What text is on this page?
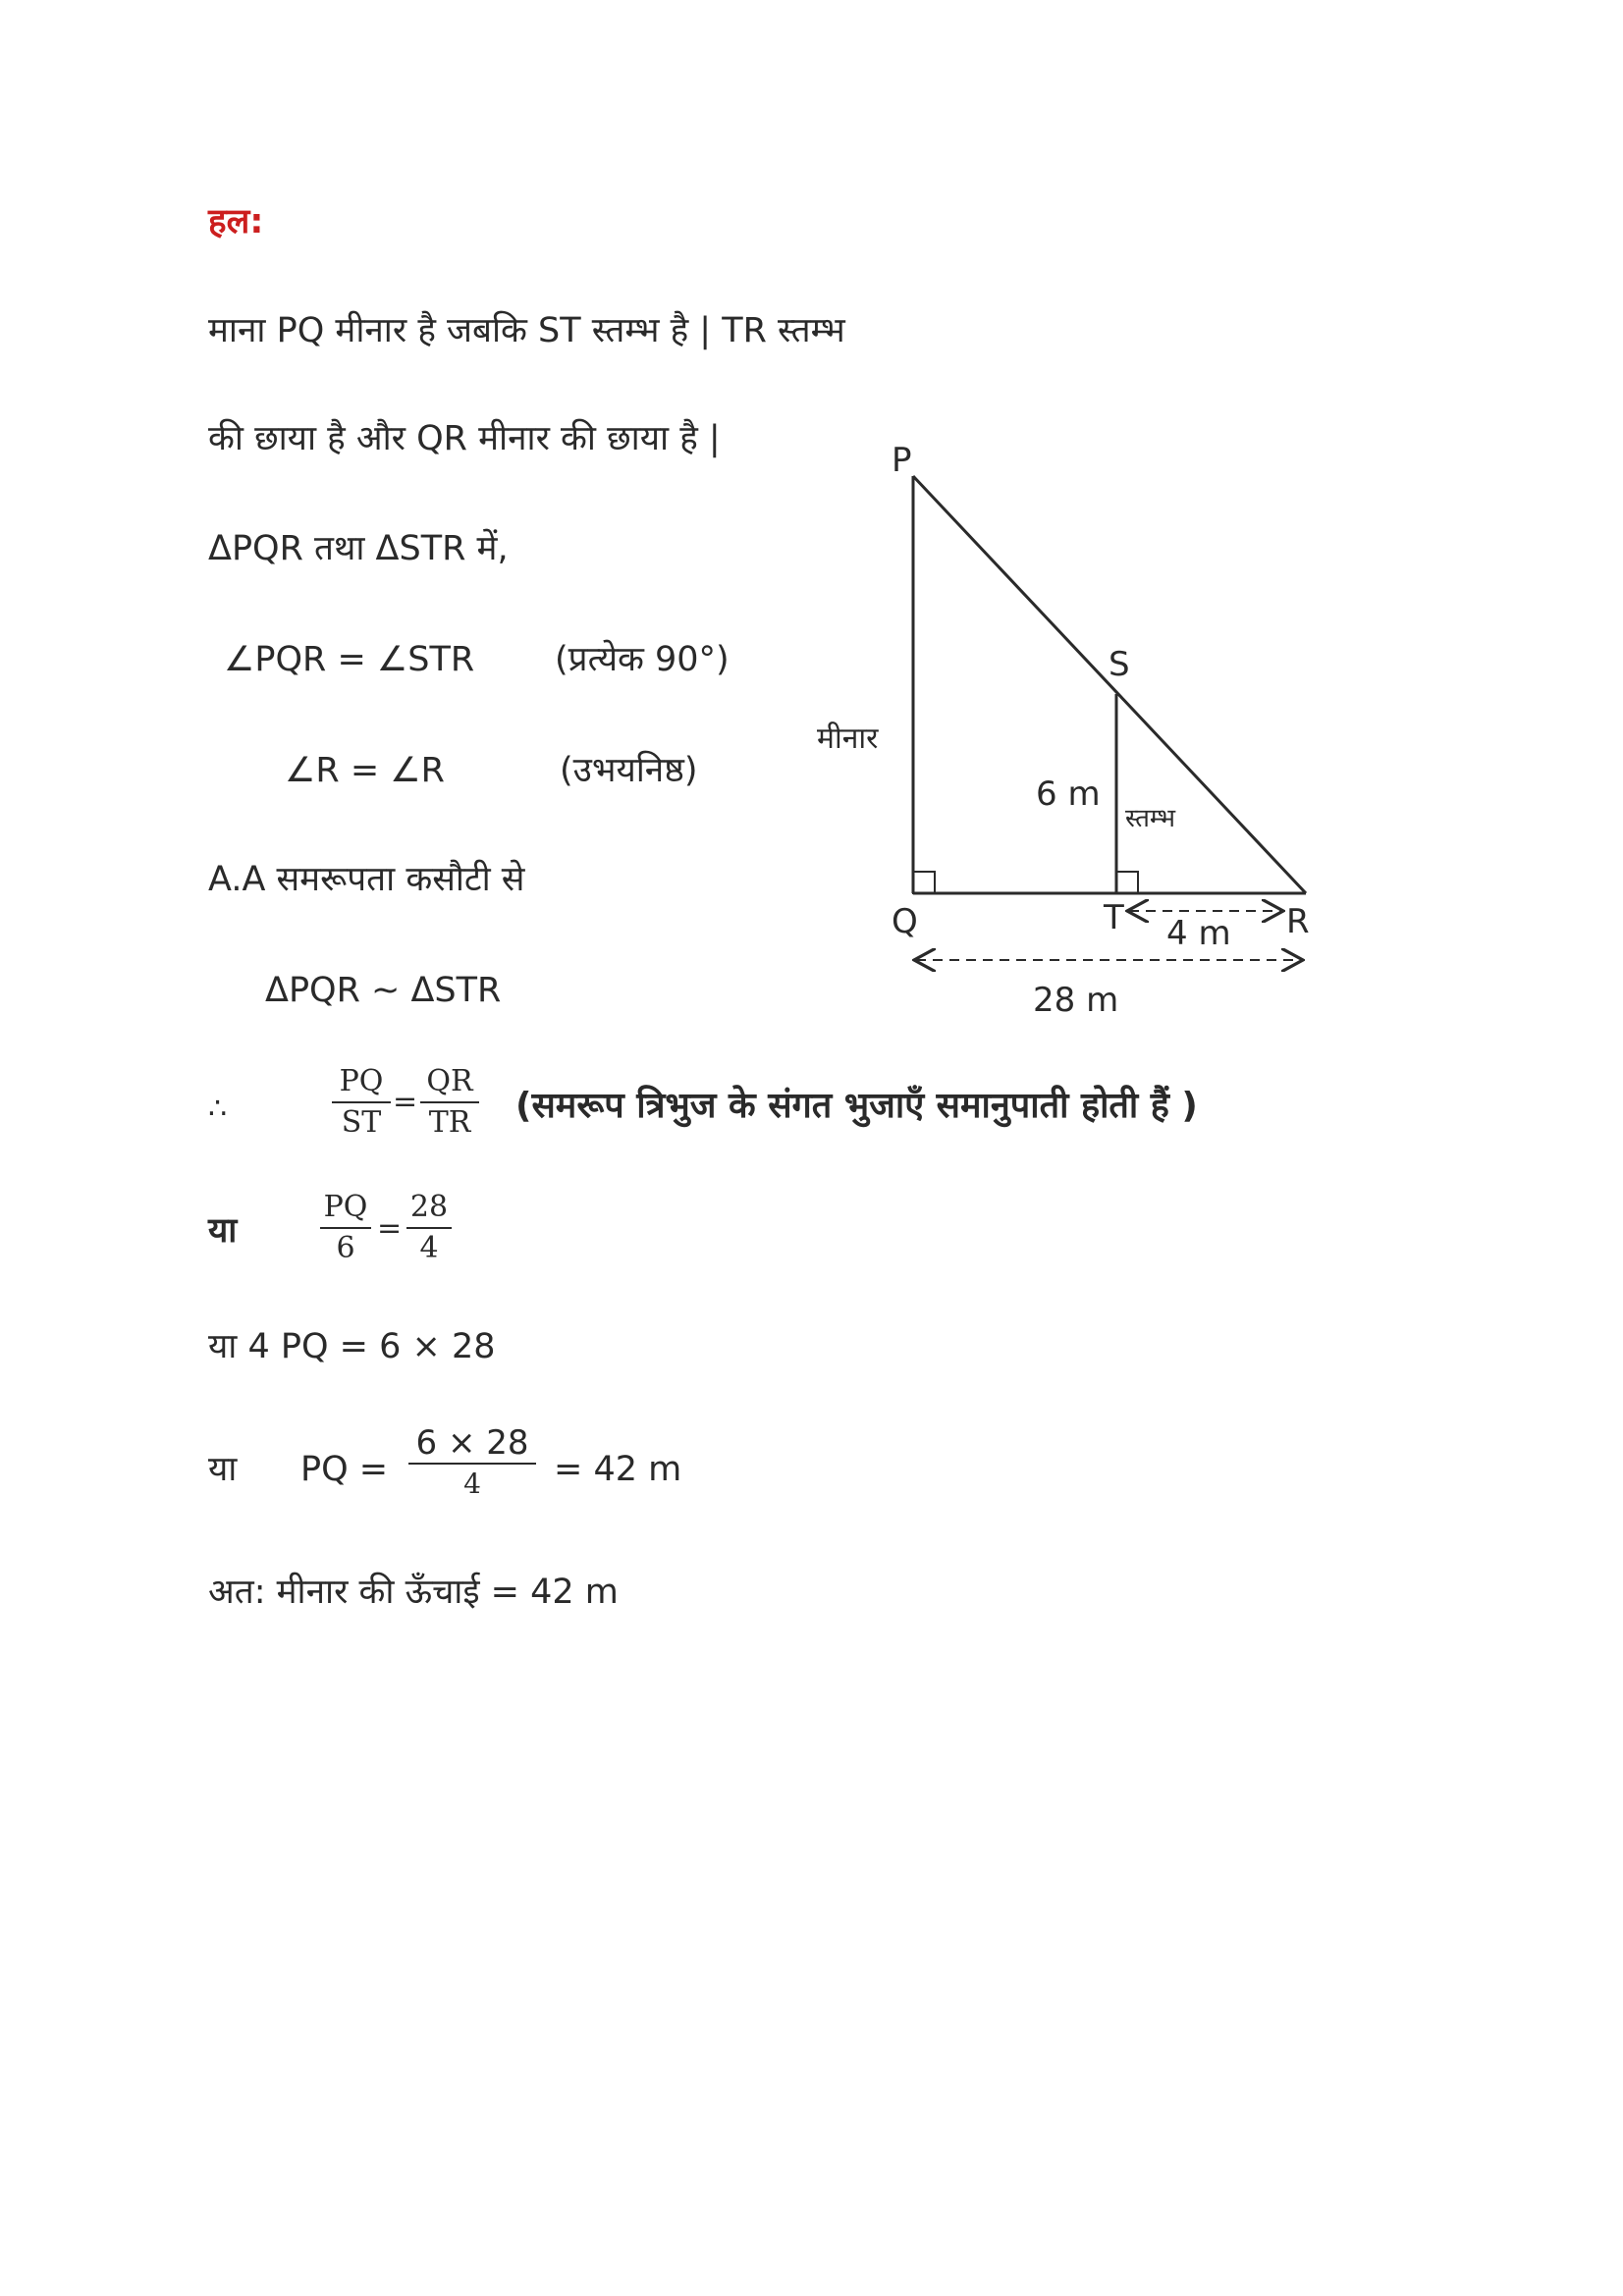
हल:
माना PQ मीनार है जबकि ST स्तम्भ है | TR स्तम्भ
की छाया है और QR मीनार की छाया है |
ΔPQR तथा ΔSTR में,
∠PQR = ∠STR (प्रत्येक 90°)
∠R = ∠R	(उभयनिष्ठ)
A.A समरूपता कसौटी से
ΔPQR ~ ΔSTR
∴
PQ
ST
=
QR
TR (समरूप त्रिभुज के संगत भुजाएँ समानुपाती होती हैं )
या
PQ
6
=
28
4
या 4 PQ = 6 × 28
या PQ =
6 × 28
4	= 42 m
अत: मीनार की ऊँचाई = 42 m
P
S
Q	T	R
मीनार
स्तम्भ
6 m
4 m
28 m
